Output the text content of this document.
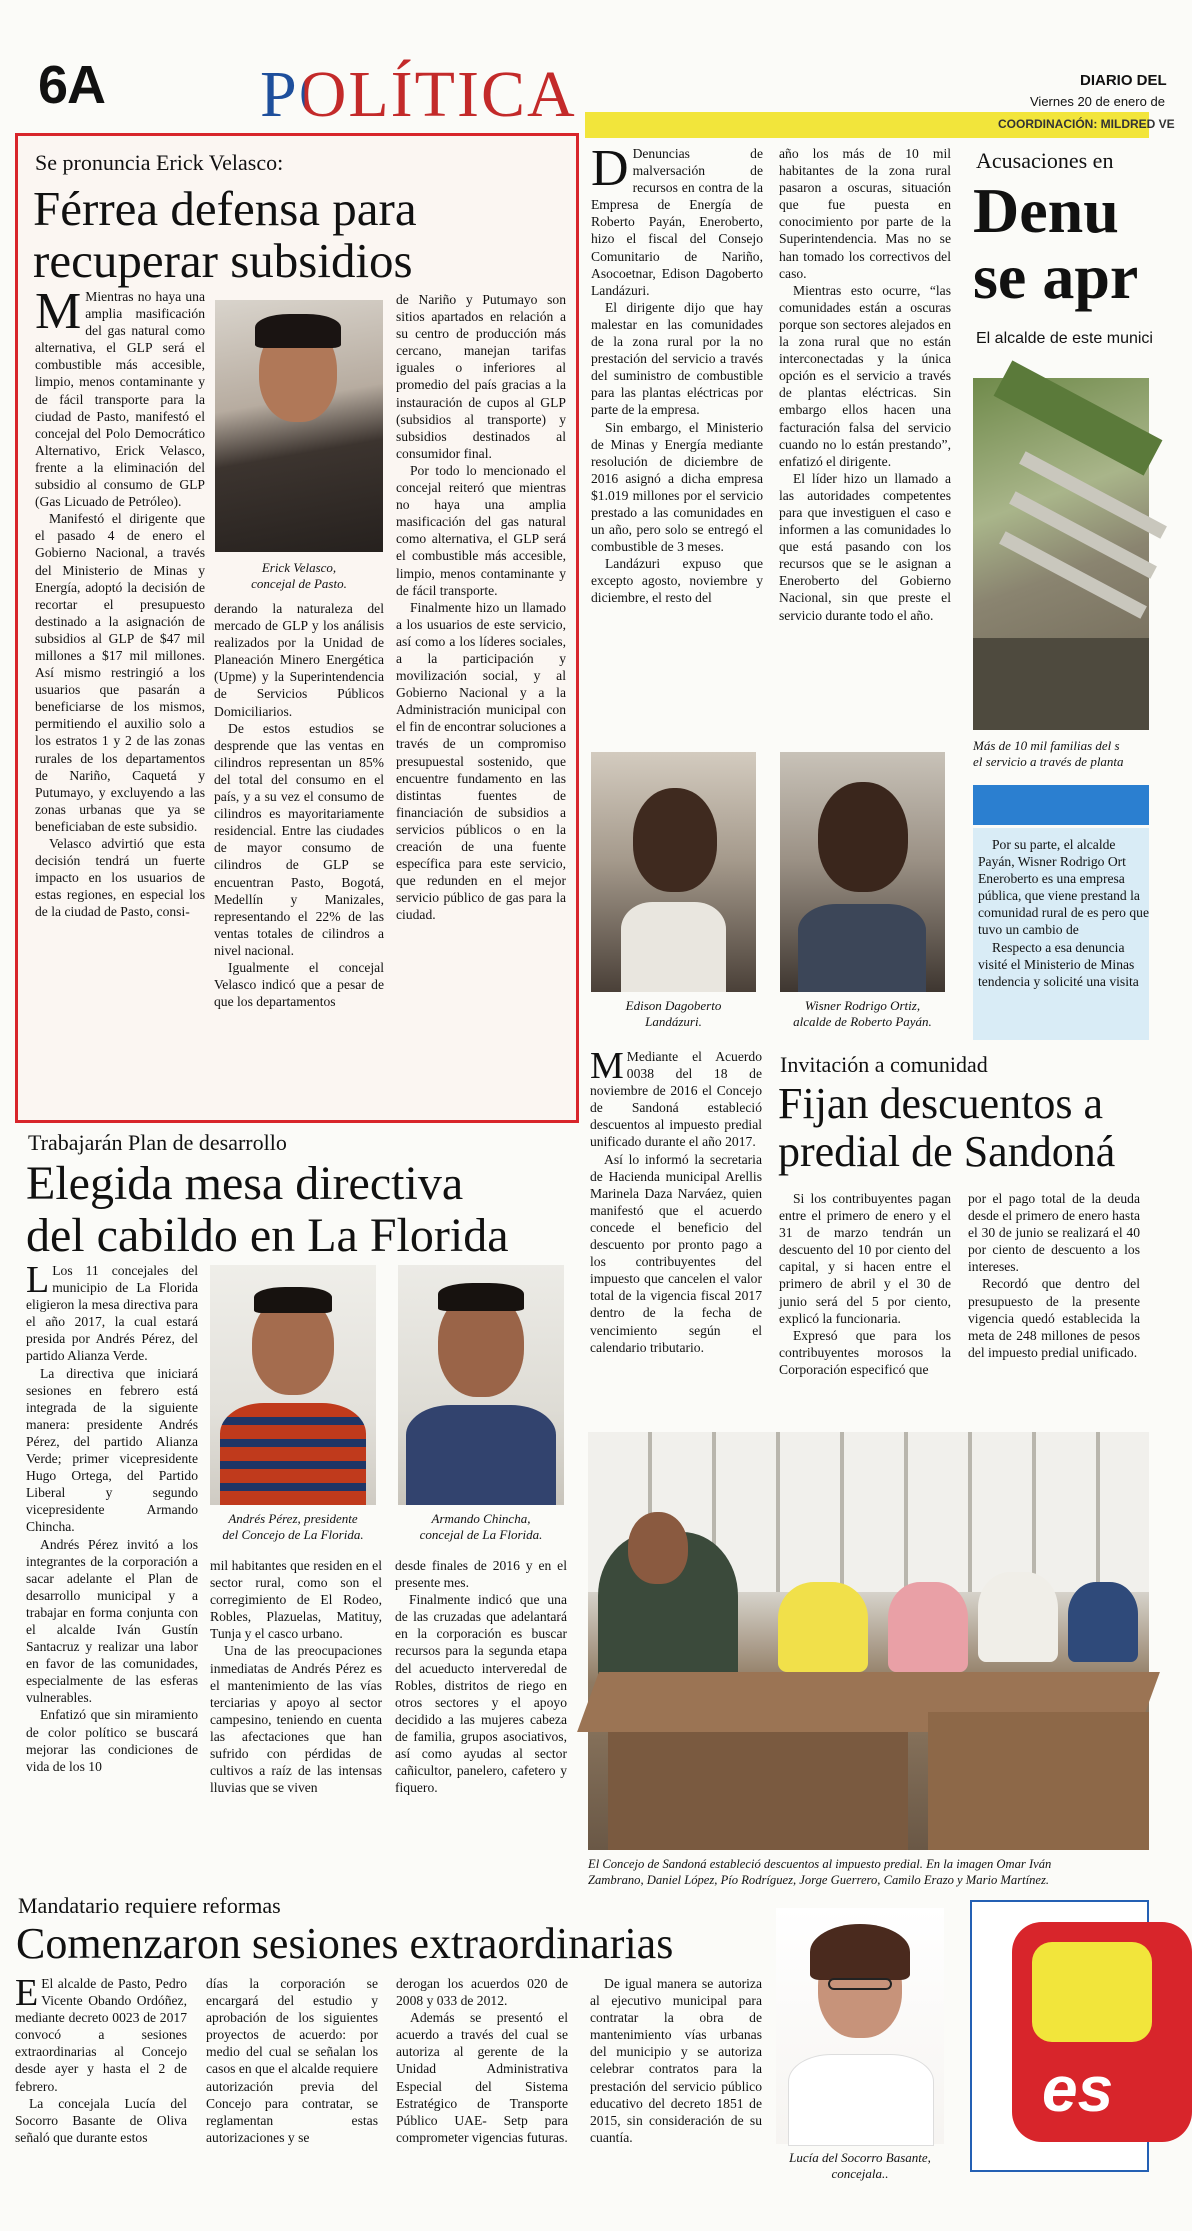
6A POLÍTICA	DIARIO DEL
Viernes 20 de enero de
COORDINACIÓN: MILDRED VE
Se pronuncia Erick Velasco:
Férrea defensa para
recuperar subsidios

M Mientras no haya una amplia masificación del gas natural como alternativa, el GLP será el combustible más accesible, limpio, menos contaminante y de fácil transporte para la ciudad de Pasto, manifestó el concejal del Polo Democrático Alternativo, Erick Velasco, frente a la eliminación del subsidio al consumo de GLP (Gas Licuado de Petróleo).

Manifestó el dirigente que el pasado 4 de enero el Gobierno Nacional, a través del Ministerio de Minas y Energía, adoptó la decisión de recortar el presupuesto destinado a la asignación de subsidios al GLP de $47 mil millones a $17 mil millones. Así mismo restringió a los usuarios que pasarán a beneficiarse de los mismos, permitiendo el auxilio solo a los estratos 1 y 2 de las zonas rurales de los departamentos de Nariño, Caquetá y Putumayo, y excluyendo a las zonas urbanas que ya se beneficiaban de este subsidio.

Velasco advirtió que esta decisión tendrá un fuerte impacto en los usuarios de estas regiones, en especial los de la ciudad de Pasto, consi-

Erick Velasco,
concejal de Pasto.

derando la naturaleza del mercado de GLP y los análisis realizados por la Unidad de Planeación Minero Energética (Upme) y la Superintendencia de Servicios Públicos Domiciliarios.

De estos estudios se desprende que las ventas en cilindros representan un 85% del total del consumo en el país, y a su vez el consumo de cilindros es mayoritariamente residencial. Entre las ciudades de mayor consumo de cilindros de GLP se encuentran Pasto, Bogotá, Medellín y Manizales, representando el 22% de las ventas totales de cilindros a nivel nacional.

Igualmente el concejal Velasco indicó que a pesar de que los departamentos

de Nariño y Putumayo son sitios apartados en relación a su centro de producción más cercano, manejan tarifas iguales o inferiores al promedio del país gracias a la instauración de cupos al GLP (subsidios al transporte) y subsidios destinados al consumidor final.

Por todo lo mencionado el concejal reiteró que mientras no haya una amplia masificación del gas natural como alternativa, el GLP será el combustible más accesible, limpio, menos contaminante y de fácil transporte.

Finalmente hizo un llamado a los usuarios de este servicio, así como a los líderes sociales, a la participación y movilización social, y al Gobierno Nacional y a la Administración municipal con el fin de encontrar soluciones a través de un compromiso presupuestal sostenido, que encuentre fundamento en las distintas fuentes de financiación de subsidios a servicios públicos o en la creación de una fuente específica para este servicio, que redunden en el mejor servicio público de gas para la ciudad.

D Denuncias de malversación de recursos en contra de la Empresa de Energía de Roberto Payán, Eneroberto, hizo el fiscal del Consejo Comunitario de Nariño, Asocoetnar, Edison Dagoberto Landázuri.

El dirigente dijo que hay malestar en las comunidades de la zona rural por la no prestación del servicio a través del suministro de combustible para las plantas eléctricas por parte de la empresa.

Sin embargo, el Ministerio de Minas y Energía mediante resolución de diciembre de 2016 asignó a dicha empresa $1.019 millones por el servicio prestado a las comunidades en un año, pero solo se entregó el combustible de 3 meses.

Landázuri expuso que excepto agosto, noviembre y diciembre, el resto del

año los más de 10 mil habitantes de la zona rural pasaron a oscuras, situación que fue puesta en conocimiento por parte de la Superintendencia. Mas no se han tomado los correctivos del caso.

Mientras esto ocurre, “las comunidades están a oscuras porque son sectores alejados en la zona rural que no están interconectadas y la única opción es el servicio a través de plantas eléctricas. Sin embargo ellos hacen una facturación falsa del servicio cuando no lo están prestando”, enfatizó el dirigente.

El líder hizo un llamado a las autoridades competentes para que investiguen el caso e informen a las comunidades lo que está pasando con los recursos que se le asignan a Eneroberto del Gobierno Nacional, sin que preste el servicio durante todo el año.

Edison Dagoberto
Landázuri.
Wisner Rodrigo Ortiz,
alcalde de Roberto Payán.
Acusaciones en
Denu
se apr
El alcalde de este munici
Más de 10 mil familias del s
el servicio a través de planta

Por su parte, el alcalde Payán, Wisner Rodrigo Ort Eneroberto es una empresa pública, que viene prestand la comunidad rural de es pero que tuvo un cambio de

Respecto a esa denuncia visité el Ministerio de Minas tendencia y solicité una visita

Trabajarán Plan de desarrollo
Elegida mesa directiva
del cabildo en La Florida

L Los 11 concejales del municipio de La Florida eligieron la mesa directiva para el año 2017, la cual estará presida por Andrés Pérez, del partido Alianza Verde.

La directiva que iniciará sesiones en febrero está integrada de la siguiente manera: presidente Andrés Pérez, del partido Alianza Verde; primer vicepresidente Hugo Ortega, del Partido Liberal y segundo vicepresidente Armando Chincha.

Andrés Pérez invitó a los integrantes de la corporación a sacar adelante el Plan de desarrollo municipal y a trabajar en forma conjunta con el alcalde Iván Gustín Santacruz y realizar una labor en favor de las comunidades, especialmente de las esferas vulnerables.

Enfatizó que sin miramiento de color político se buscará mejorar las condiciones de vida de los 10

Andrés Pérez, presidente
del Concejo de La Florida.
Armando Chincha,
concejal de La Florida.

mil habitantes que residen en el sector rural, como son el corregimiento de El Rodeo, Robles, Plazuelas, Matituy, Tunja y el casco urbano.

Una de las preocupaciones inmediatas de Andrés Pérez es el mantenimiento de las vías terciarias y apoyo al sector campesino, teniendo en cuenta las afectaciones que han sufrido con pérdidas de cultivos a raíz de las intensas lluvias que se viven

desde finales de 2016 y en el presente mes.

Finalmente indicó que una de las cruzadas que adelantará en la corporación es buscar recursos para la segunda etapa del acueducto interveredal de Robles, distritos de riego en otros sectores y el apoyo decidido a las mujeres cabeza de familia, grupos asociativos, así como ayudas al sector cañicultor, panelero, cafetero y fiquero.

M Mediante el Acuerdo 0038 del 18 de noviembre de 2016 el Concejo de Sandoná estableció descuentos al impuesto predial unificado durante el año 2017.

Así lo informó la secretaria de Hacienda municipal Arellis Marinela Daza Narváez, quien manifestó que el acuerdo concede el beneficio del descuento por pronto pago a los contribuyentes del impuesto que cancelen el valor total de la vigencia fiscal 2017 dentro de la fecha de vencimiento según el calendario tributario.

Invitación a comunidad
Fijan descuentos a
predial de Sandoná

Si los contribuyentes pagan entre el primero de enero y el 31 de marzo tendrán un descuento del 10 por ciento del capital, y si hacen entre el primero de abril y el 30 de junio será del 5 por ciento, explicó la funcionaria.

Expresó que para los contribuyentes morosos la Corporación especificó que

por el pago total de la deuda desde el primero de enero hasta el 30 de junio se realizará el 40 por ciento de descuento a los intereses.

Recordó que dentro del presupuesto de la presente vigencia quedó establecida la meta de 248 millones de pesos del impuesto predial unificado.

El Concejo de Sandoná estableció descuentos al impuesto predial. En la imagen Omar Iván
Zambrano, Daniel López, Pío Rodríguez, Jorge Guerrero, Camilo Erazo y Mario Martínez.
Mandatario requiere reformas
Comenzaron sesiones extraordinarias

E El alcalde de Pasto, Pedro Vicente Obando Ordóñez, mediante decreto 0023 de 2017 convocó a sesiones extraordinarias al Concejo desde ayer y hasta el 2 de febrero.

La concejala Lucía del Socorro Basante de Oliva señaló que durante estos

días la corporación se encargará del estudio y aprobación de los siguientes proyectos de acuerdo: por medio del cual se señalan los casos en que el alcalde requiere autorización previa del Concejo para contratar, se reglamentan estas autorizaciones y se

derogan los acuerdos 020 de 2008 y 033 de 2012.

Además se presentó el acuerdo a través del cual se autoriza al gerente de la Unidad Administrativa Especial del Sistema Estratégico de Transporte Público UAE- Setp para comprometer vigencias futuras.

De igual manera se autoriza al ejecutivo municipal para contratar la obra de mantenimiento vías urbanas del municipio y se autoriza celebrar contratos para la prestación del servicio público educativo del decreto 1851 de 2015, sin consideración de su cuantía.

Lucía del Socorro Basante,
concejala..
es
